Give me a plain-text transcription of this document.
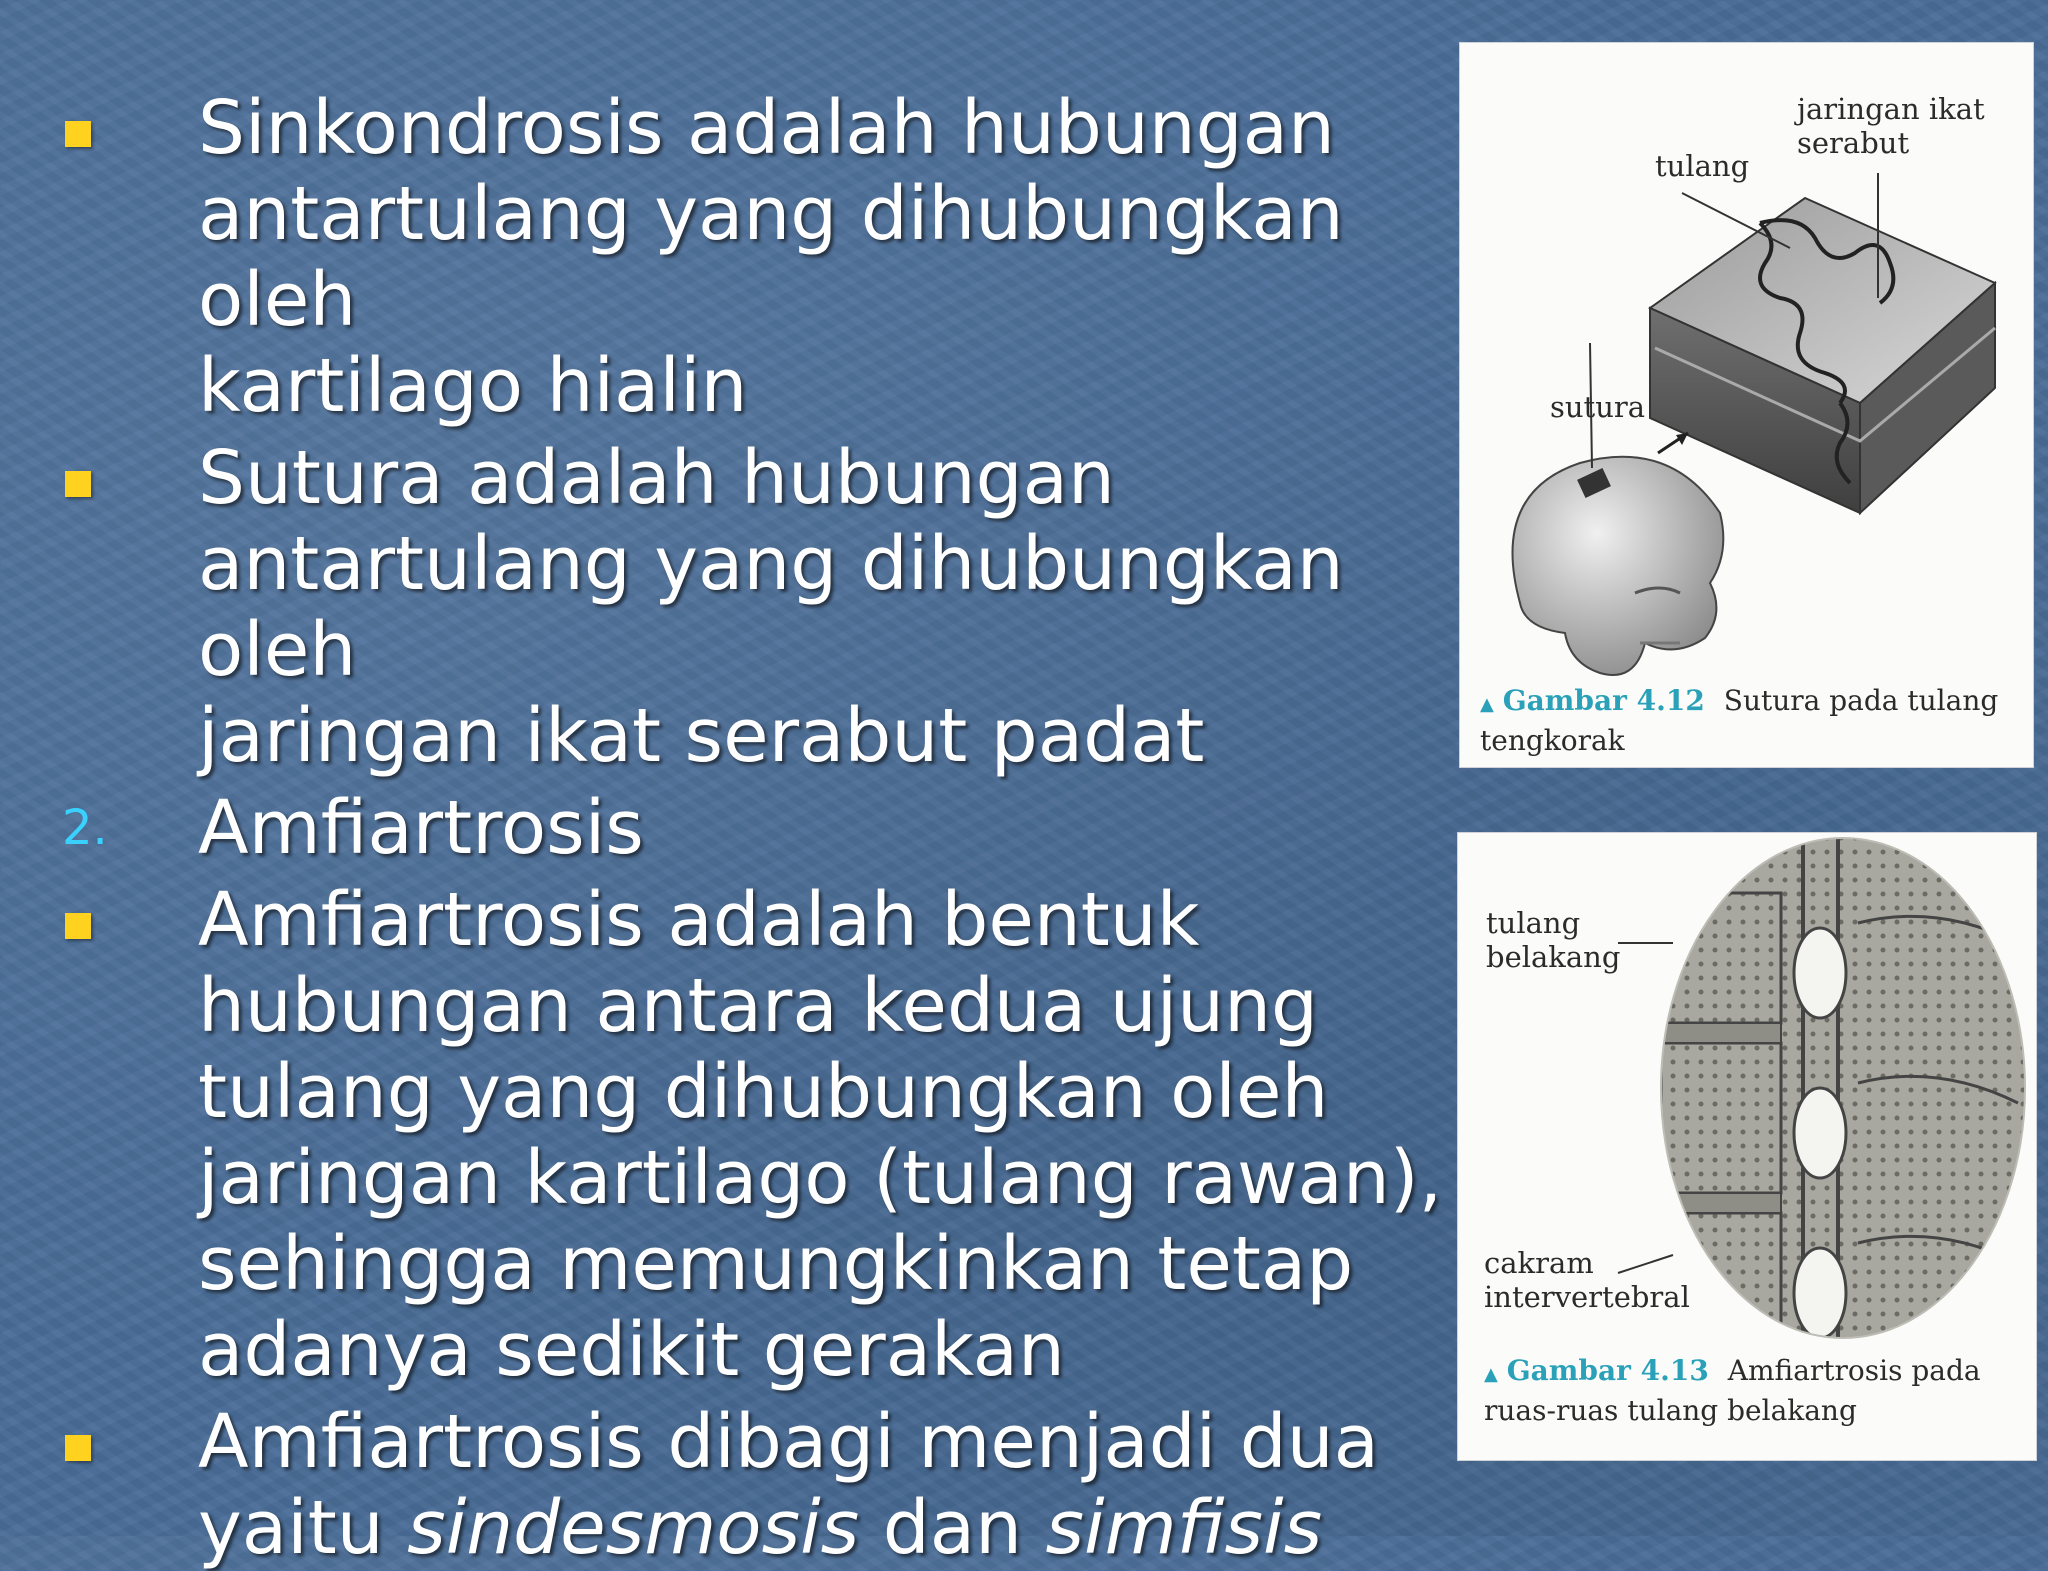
Sinkondrosis adalah hubungan

antartulang yang dihubungkan oleh

kartilago hialin

Sutura adalah hubungan

antartulang yang dihubungkan oleh

jaringan ikat serabut padat

2. Amfiartrosis

Amfiartrosis adalah bentuk

hubungan antara kedua ujung

tulang yang dihubungkan oleh

jaringan kartilago (tulang rawan),

sehingga memungkinkan tetap

adanya sedikit gerakan

Amfiartrosis dibagi menjadi dua

yaitu sindesmosis dan simfisis

jaringan ikat
serabut
tulang
sutura
▲ Gambar 4.12 Sutura pada tulang
tengkorak
tulang
belakang
cakram
intervertebral
▲ Gambar 4.13 Amfiartrosis pada
ruas-ruas tulang belakang
